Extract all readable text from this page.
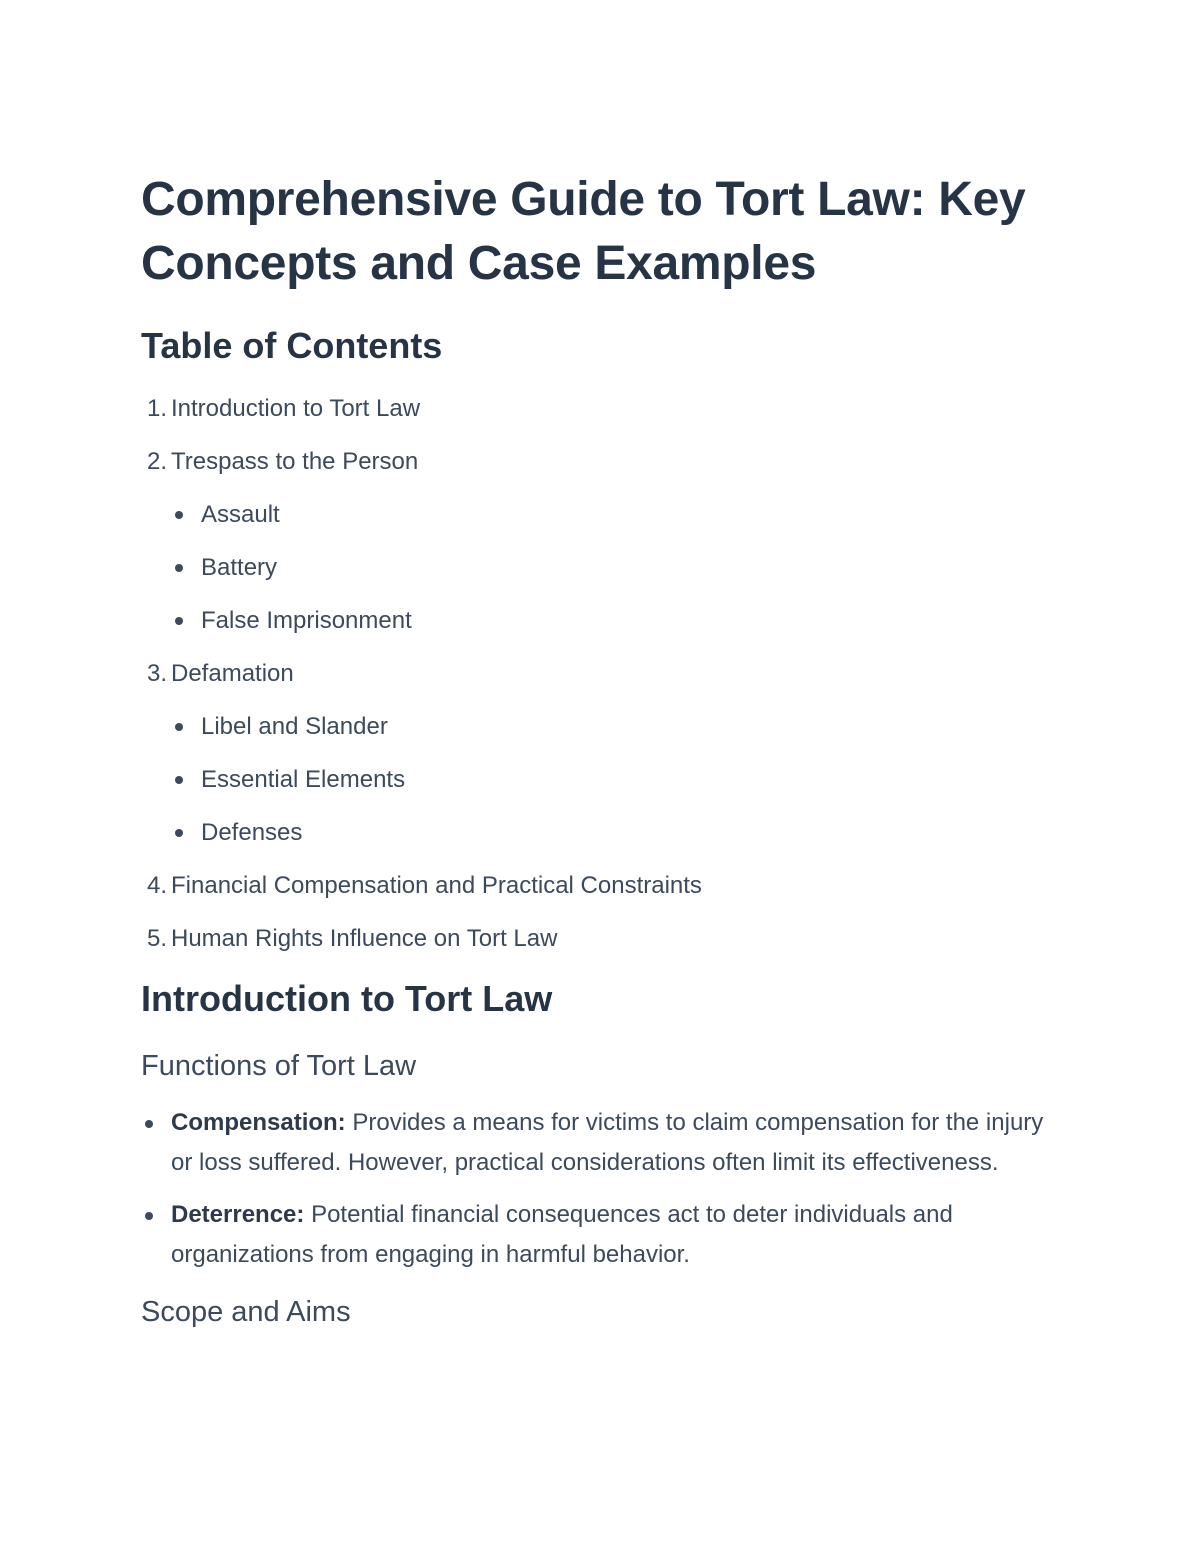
Comprehensive Guide to Tort Law: Key Concepts and Case Examples
Table of Contents
1. Introduction to Tort Law
2. Trespass to the Person
Assault
Battery
False Imprisonment
3. Defamation
Libel and Slander
Essential Elements
Defenses
4. Financial Compensation and Practical Constraints
5. Human Rights Influence on Tort Law
Introduction to Tort Law
Functions of Tort Law
Compensation: Provides a means for victims to claim compensation for the injury or loss suffered. However, practical considerations often limit its effectiveness.
Deterrence: Potential financial consequences act to deter individuals and organizations from engaging in harmful behavior.
Scope and Aims
